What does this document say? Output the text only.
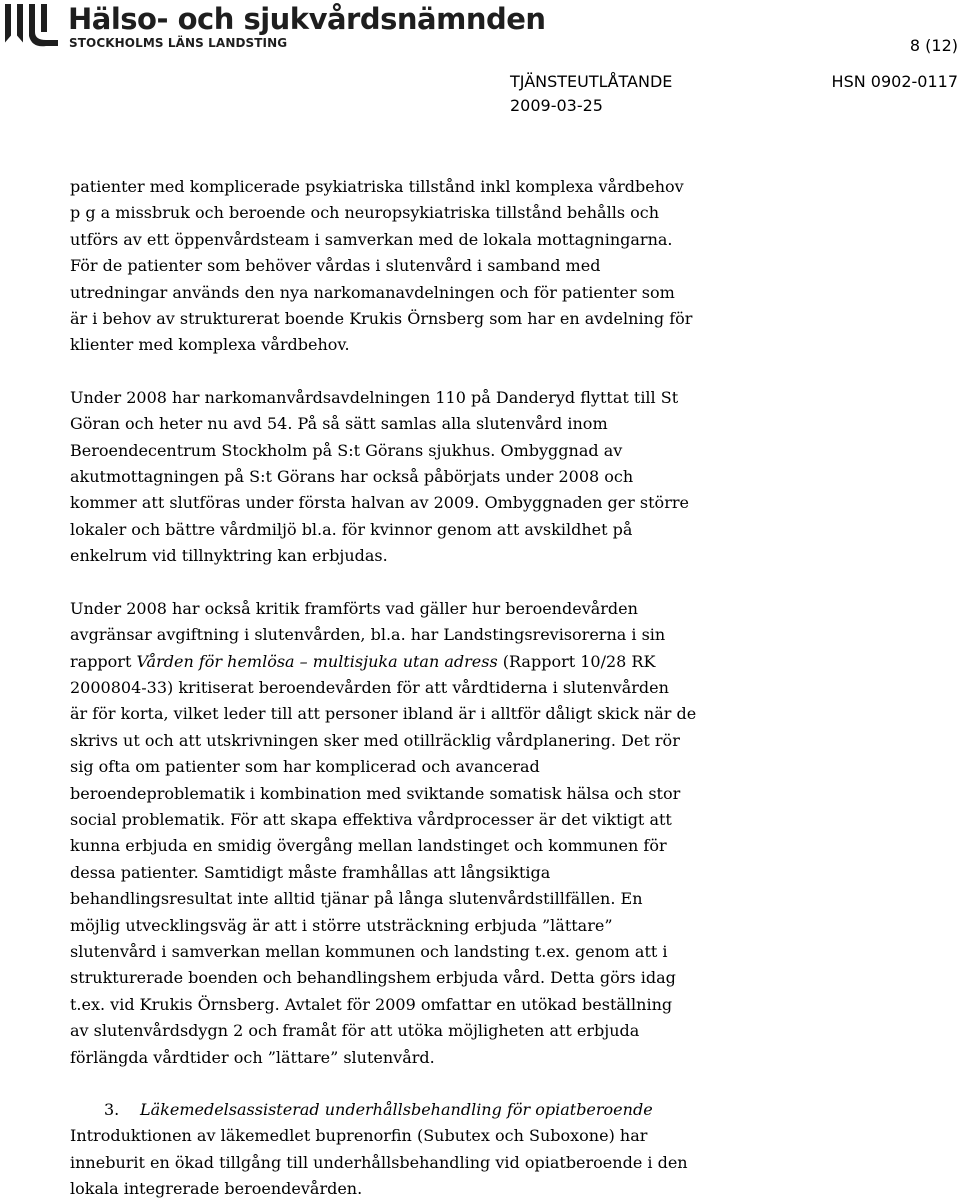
Hälso- och sjukvårdsnämnden
STOCKHOLMS LÄNS LANDSTING	8 (12)
TJÄNSTEUTLÅTANDE	HSN 0902-0117
2009-03-25

patienter med komplicerade psykiatriska tillstånd inkl komplexa vårdbehov
p g a missbruk och beroende och neuropsykiatriska tillstånd behålls och
utförs av ett öppenvårdsteam i samverkan med de lokala mottagningarna.
För de patienter som behöver vårdas i slutenvård i samband med
utredningar används den nya narkomanavdelningen och för patienter som
är i behov av strukturerat boende Krukis Örnsberg som har en avdelning för
klienter med komplexa vårdbehov.

Under 2008 har narkomanvårdsavdelningen 110 på Danderyd flyttat till St
Göran och heter nu avd 54. På så sätt samlas alla slutenvård inom
Beroendecentrum Stockholm på S:t Görans sjukhus. Ombyggnad av
akutmottagningen på S:t Görans har också påbörjats under 2008 och
kommer att slutföras under första halvan av 2009. Ombyggnaden ger större
lokaler och bättre vårdmiljö bl.a. för kvinnor genom att avskildhet på
enkelrum vid tillnyktring kan erbjudas.

Under 2008 har också kritik framförts vad gäller hur beroendevården
avgränsar avgiftning i slutenvården, bl.a. har Landstingsrevisorerna i sin
rapport Vården för hemlösa – multisjuka utan adress (Rapport 10/28 RK
2000804-33) kritiserat beroendevården för att vårdtiderna i slutenvården
är för korta, vilket leder till att personer ibland är i alltför dåligt skick när de
skrivs ut och att utskrivningen sker med otillräcklig vårdplanering. Det rör
sig ofta om patienter som har komplicerad och avancerad
beroendeproblematik i kombination med sviktande somatisk hälsa och stor
social problematik. För att skapa effektiva vårdprocesser är det viktigt att
kunna erbjuda en smidig övergång mellan landstinget och kommunen för
dessa patienter. Samtidigt måste framhållas att långsiktiga
behandlingsresultat inte alltid tjänar på långa slutenvårdstillfällen. En
möjlig utvecklingsväg är att i större utsträckning erbjuda ”lättare”
slutenvård i samverkan mellan kommunen och landsting t.ex. genom att i
strukturerade boenden och behandlingshem erbjuda vård. Detta görs idag
t.ex. vid Krukis Örnsberg. Avtalet för 2009 omfattar en utökad beställning
av slutenvårdsdygn 2 och framåt för att utöka möjligheten att erbjuda
förlängda vårdtider och ”lättare” slutenvård.

3. Läkemedelsassisterad underhållsbehandling för opiatberoende

Introduktionen av läkemedlet buprenorfin (Subutex och Suboxone) har
inneburit en ökad tillgång till underhållsbehandling vid opiatberoende i den
lokala integrerade beroendevården.
